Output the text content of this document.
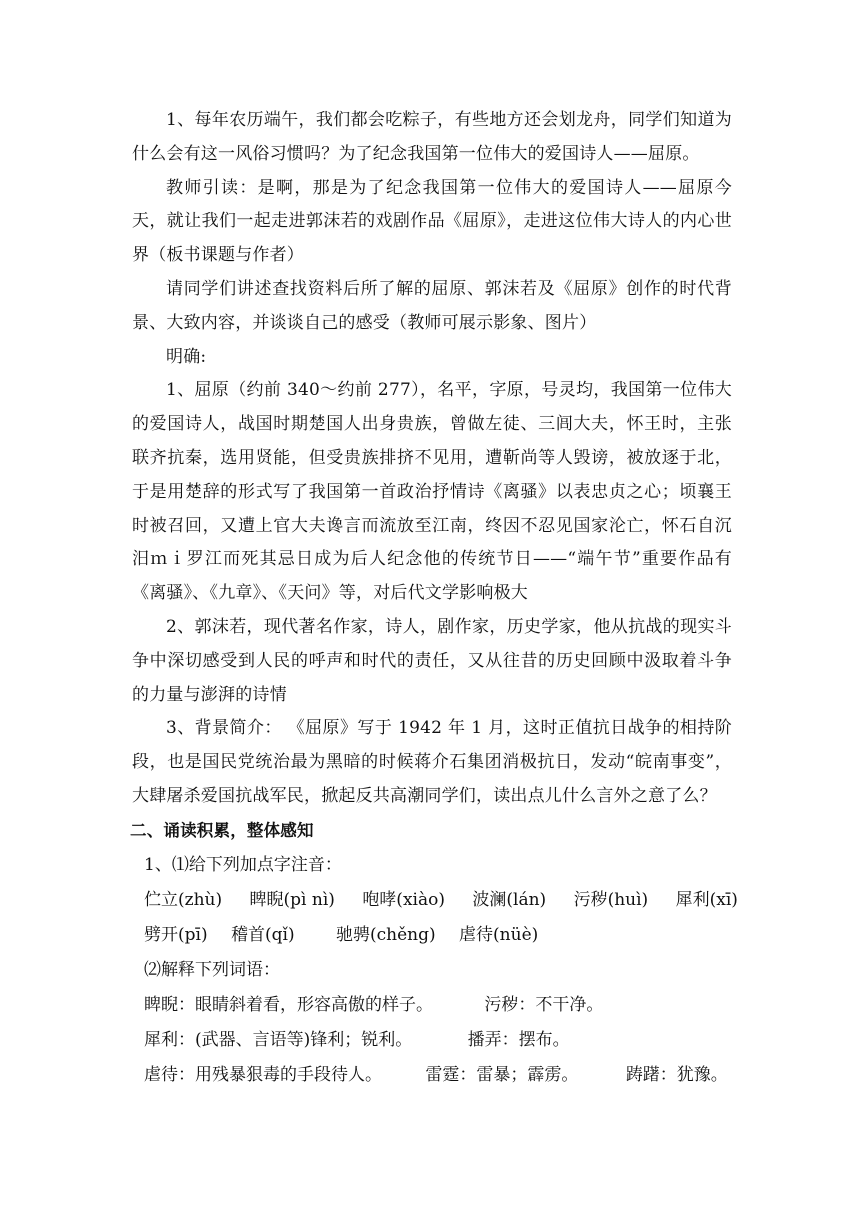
1、每年农历端午，我们都会吃粽子，有些地方还会划龙舟，同学们知道为什么会有这一风俗习惯吗？为了纪念我国第一位伟大的爱国诗人——屈原。

教师引读：是啊，那是为了纪念我国第一位伟大的爱国诗人——屈原今天，就让我们一起走进郭沫若的戏剧作品《屈原》，走进这位伟大诗人的内心世界（板书课题与作者）

请同学们讲述查找资料后所了解的屈原、郭沫若及《屈原》创作的时代背景、大致内容，并谈谈自己的感受（教师可展示影象、图片）

明确:

1、屈原（约前 340～约前 277），名平，字原，号灵均，我国第一位伟大的爱国诗人，战国时期楚国人出身贵族，曾做左徒、三闾大夫，怀王时，主张联齐抗秦，选用贤能，但受贵族排挤不见用，遭靳尚等人毁谤，被放逐于北，于是用楚辞的形式写了我国第一首政治抒情诗《离骚》以表忠贞之心；顷襄王时被召回，又遭上官大夫谗言而流放至江南，终因不忍见国家沦亡，怀石自沉汨ｍｉ罗江而死其忌日成为后人纪念他的传统节日——“端午节”重要作品有《离骚》、《九章》、《天问》等，对后代文学影响极大

2、郭沫若，现代著名作家，诗人，剧作家，历史学家，他从抗战的现实斗争中深切感受到人民的呼声和时代的责任，又从往昔的历史回顾中汲取着斗争的力量与澎湃的诗情

3、背景简介： 《屈原》写于 1942 年 1 月，这时正值抗日战争的相持阶段，也是国民党统治最为黑暗的时候蒋介石集团消极抗日，发动“皖南事变”，大肆屠杀爱国抗战军民，掀起反共高潮同学们，读出点儿什么言外之意了么？

二、诵读积累，整体感知

1、⑴给下列加点字注音：
伫立(zhù) 睥睨(pì nì) 咆哮(xiào) 波澜(lán) 污秽(huì) 犀利(xī)
劈开(pī) 稽首(qǐ) 驰骋(chěng) 虐待(nüè)
⑵解释下列词语：
睥睨：眼睛斜着看，形容高傲的样子。	污秽：不干净。
犀利：(武器、言语等)锋利；锐利。	播弄：摆布。
虐待：用残暴狠毒的手段待人。	雷霆：雷暴；霹雳。	踌躇：犹豫。
